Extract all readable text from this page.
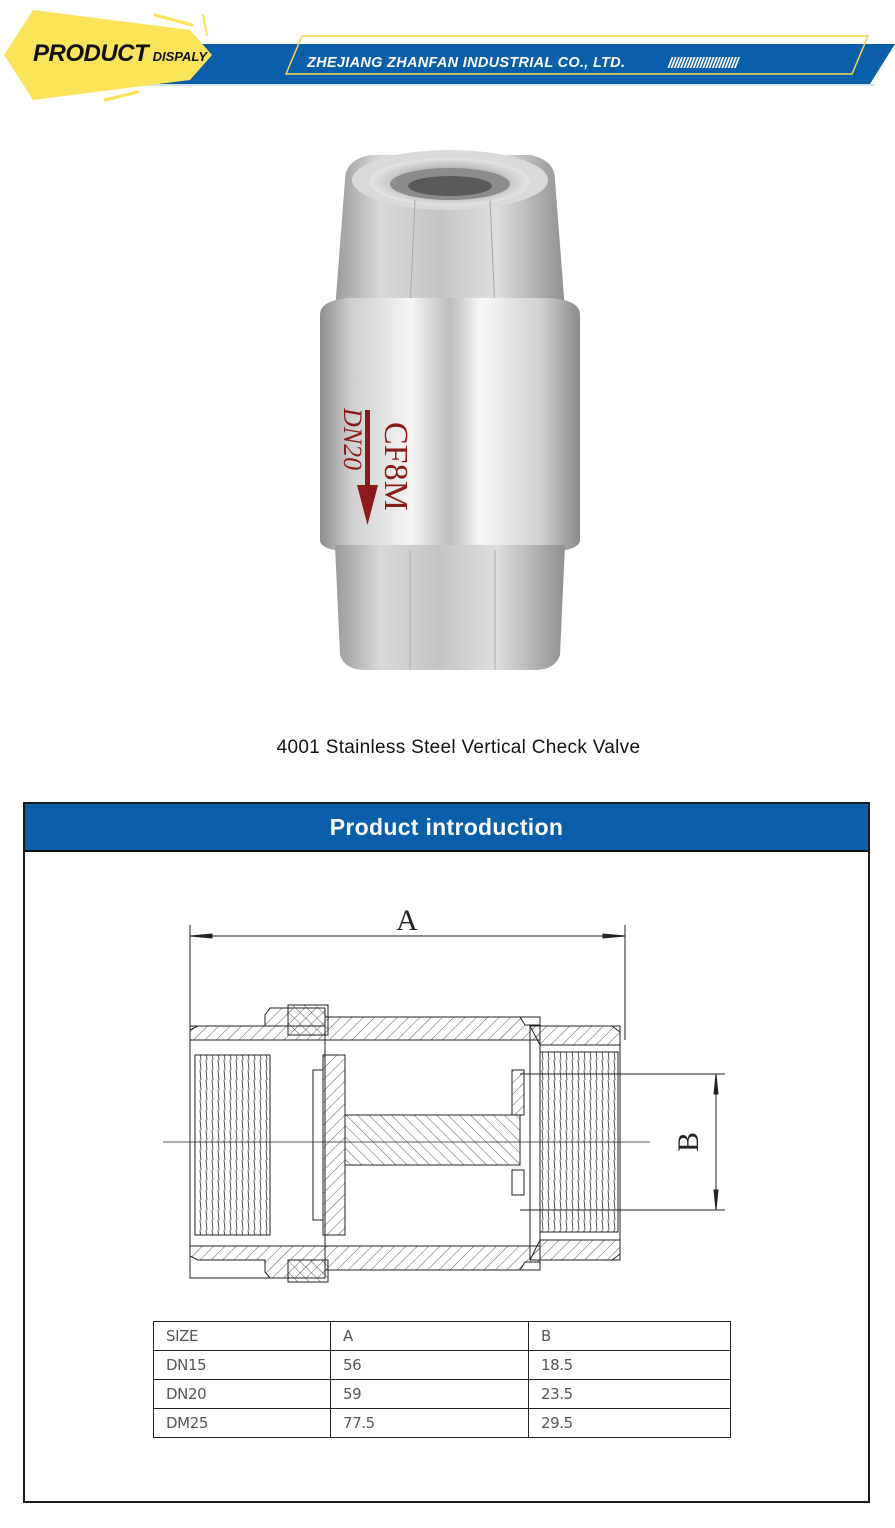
PRODUCT DISPALY	ZHEJIANG ZHANFAN INDUSTRIAL CO., LTD.	//////////////////////
DN20 CF8M
4001 Stainless Steel Vertical Check Valve
Product introduction
A
B
SIZE	A	B
DN15	56	18.5
DN20	59	23.5
DM25	77.5	29.5
